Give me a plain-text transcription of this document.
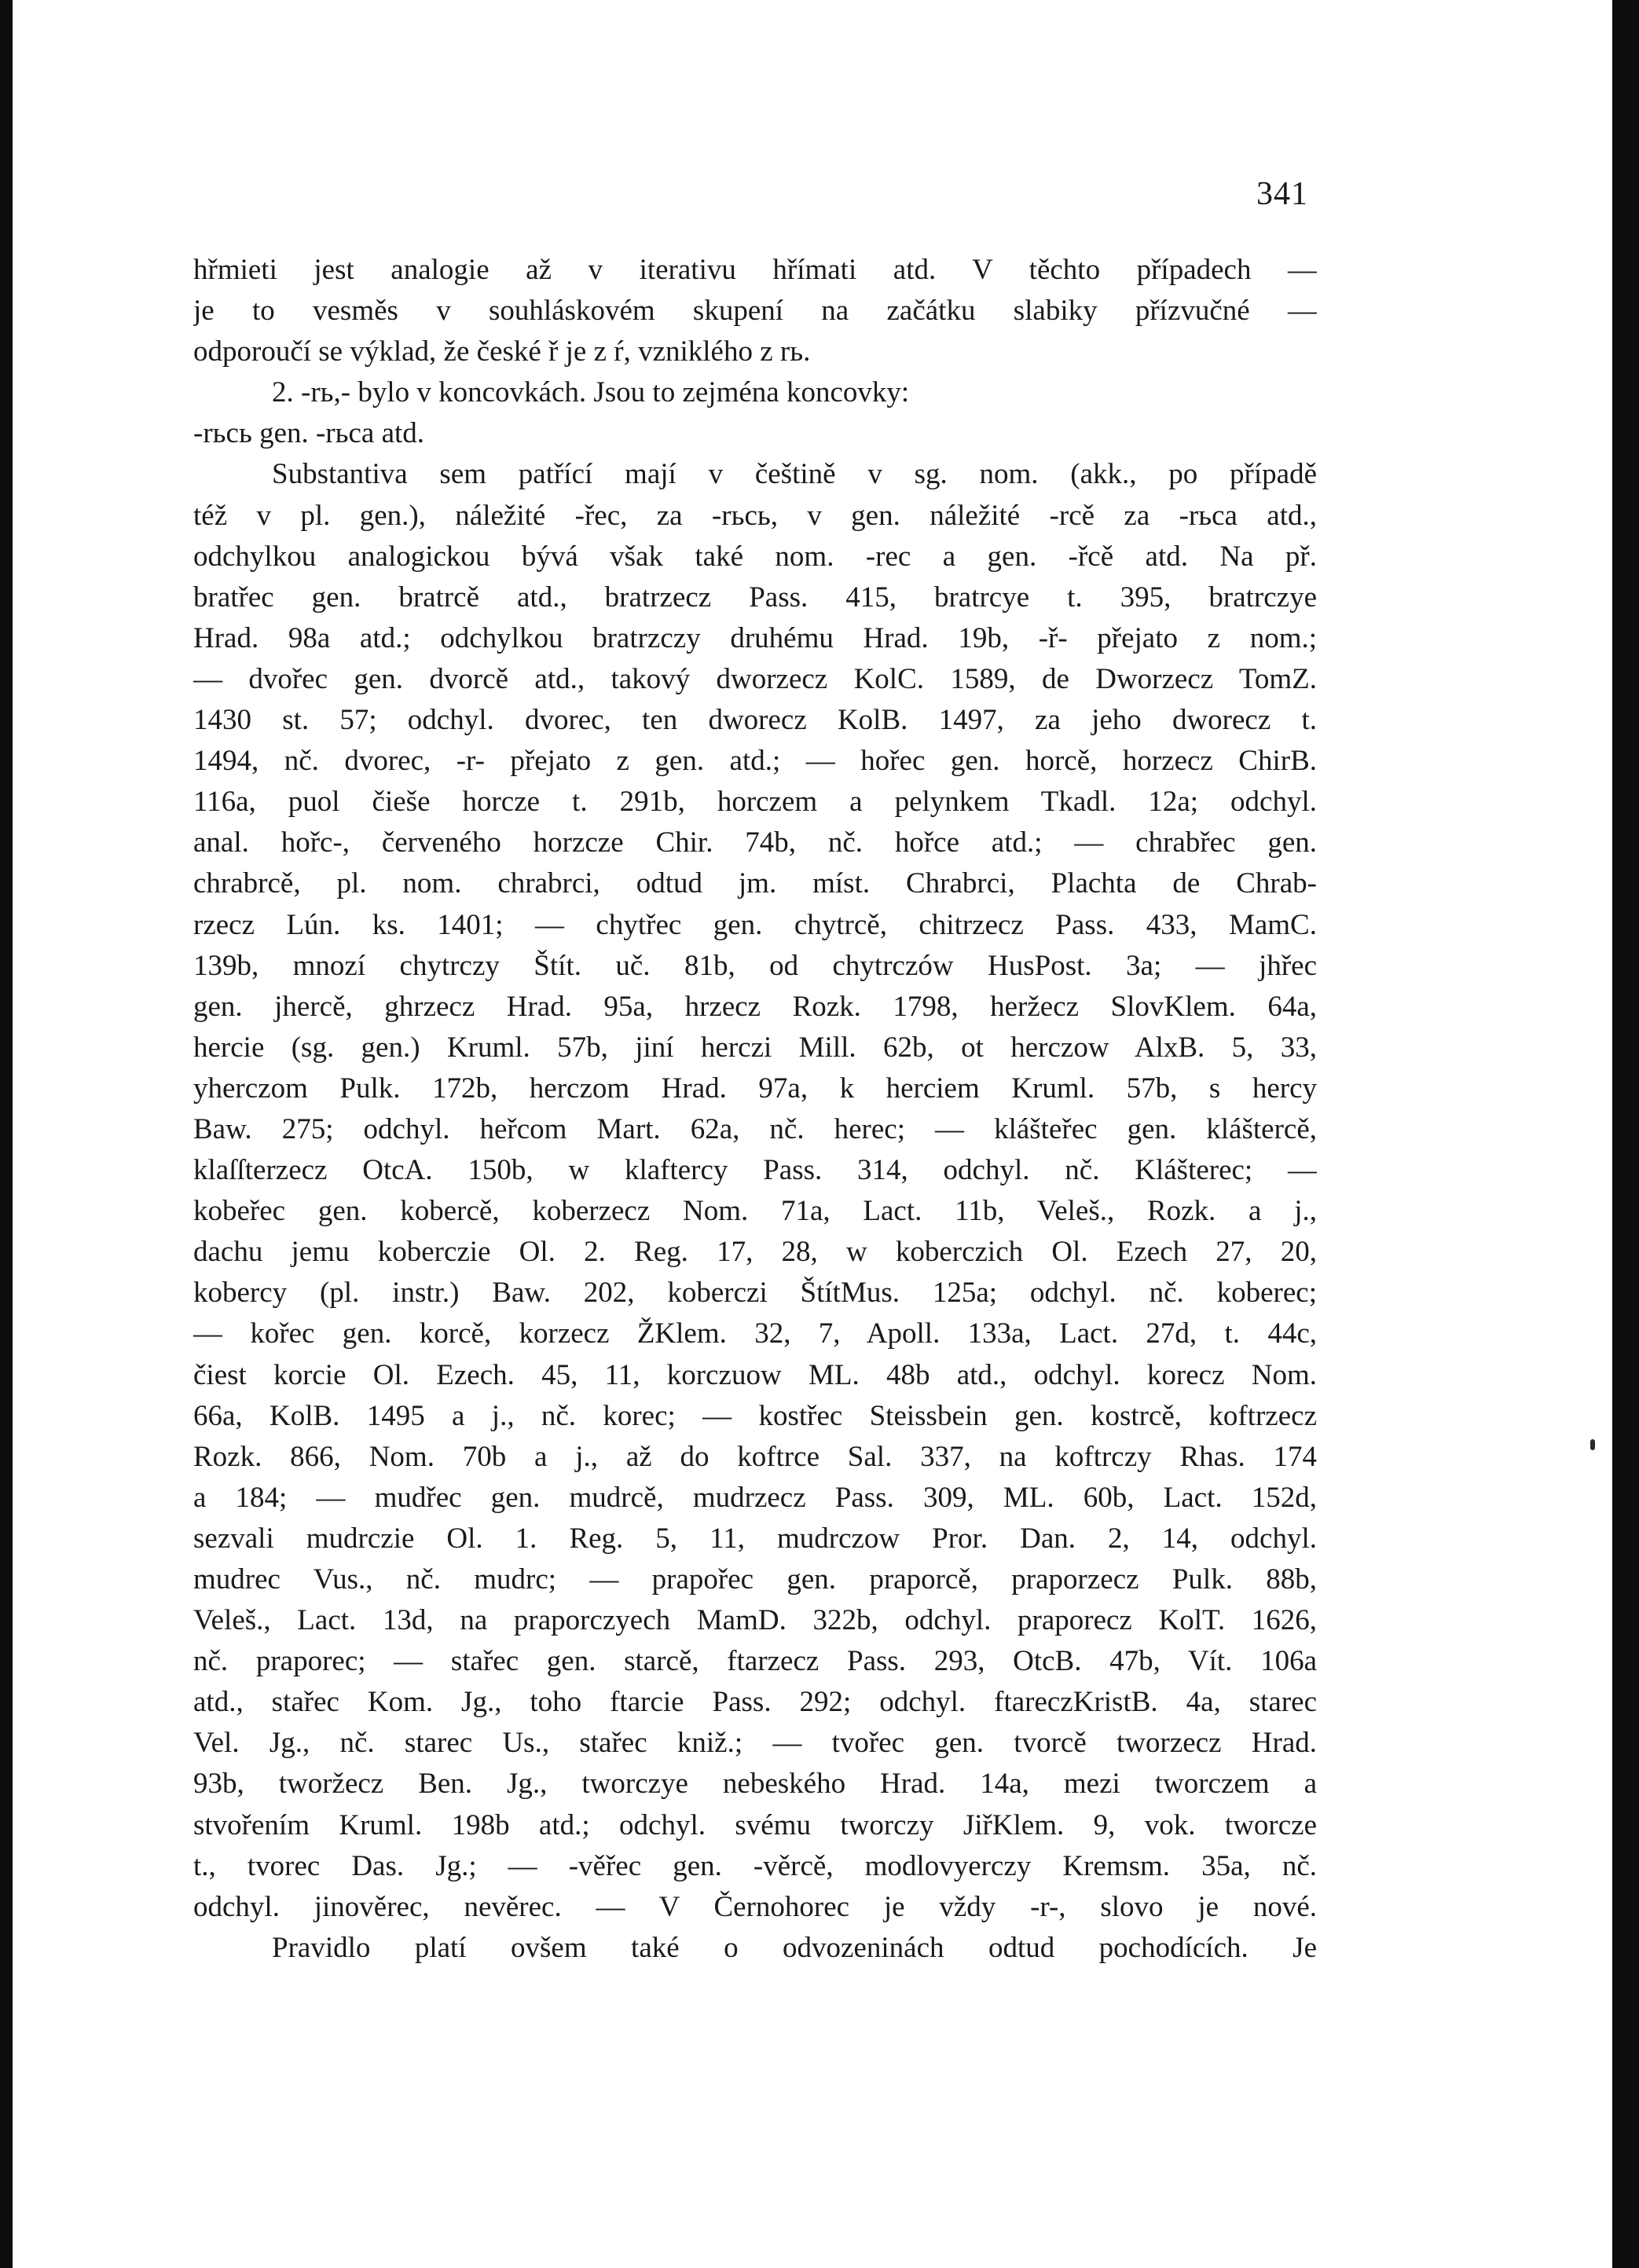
341
hřmieti jest analogie až v iterativu hřímati atd. V těchto případech —
je to vesměs v souhláskovém skupení na začátku slabiky přízvučné —
odporoučí se výklad, že české ř je z ŕ, vzniklého z rь.
2. -rь,- bylo v koncovkách. Jsou to zejména koncovky:
-rьcь gen. -rьca atd.
Substantiva sem patřící mají v češtině v sg. nom. (akk., po případě
též v pl. gen.), náležité -řec, za -rьcь, v gen. náležité -rcě za -rьca atd.,
odchylkou analogickou bývá však také nom. -rec a gen. -řcě atd. Na př.
bratřec gen. bratrcě atd., bratrzecz Pass. 415, bratrcye t. 395, bratrczye
Hrad. 98a atd.; odchylkou bratrzczy druhému Hrad. 19b, -ř- přejato z nom.;
— dvořec gen. dvorcě atd., takový dworzecz KolC. 1589, de Dworzecz TomZ.
1430 st. 57; odchyl. dvorec, ten dworecz KolB. 1497, za jeho dworecz t.
1494, nč. dvorec, -r- přejato z gen. atd.; — hořec gen. horcě, horzecz ChirB.
116a, puol čieše horcze t. 291b, horczem a pelynkem Tkadl. 12a; odchyl.
anal. hořc-, červeného horzcze Chir. 74b, nč. hořce atd.; — chrabřec gen.
chrabrcě, pl. nom. chrabrci, odtud jm. míst. Chrabrci, Plachta de Chrab-
rzecz Lún. ks. 1401; — chytřec gen. chytrcě, chitrzecz Pass. 433, MamC.
139b, mnozí chytrczy Štít. uč. 81b, od chytrczów HusPost. 3a; — jhřec
gen. jhercě, ghrzecz Hrad. 95a, hrzecz Rozk. 1798, heržecz SlovKlem. 64a,
hercie (sg. gen.) Kruml. 57b, jiní herczi Mill. 62b, ot herczow AlxB. 5, 33,
yherczom Pulk. 172b, herczom Hrad. 97a, k herciem Kruml. 57b, s hercy
Baw. 275; odchyl. heřcom Mart. 62a, nč. herec; — kláštеřec gen. klášterсě,
klaſſterzecz OtcA. 150b, w klaftercy Pass. 314, odchyl. nč. Klášterec; —
kobеřec gen. kobercě, koberzecz Nom. 71a, Lact. 11b, Veleš., Rozk. a j.,
dachu jemu koberczie Ol. 2. Reg. 17, 28, w koberczich Ol. Ezech 27, 20,
kobercy (pl. instr.) Baw. 202, koberczi ŠtítMus. 125a; odchyl. nč. koberec;
— kořec gen. korcě, korzecz ŽKlem. 32, 7, Apoll. 133a, Lact. 27d, t. 44c,
čiest korcie Ol. Ezech. 45, 11, korczuow ML. 48b atd., odchyl. korecz Nom.
66a, KolB. 1495 a j., nč. korec; — kostřec Steissbein gen. kostrcě, koftrzecz
Rozk. 866, Nom. 70b a j., až do koftrce Sal. 337, na koftrczy Rhas. 174
a 184; — mudřec gen. mudrcě, mudrzecz Pass. 309, ML. 60b, Lact. 152d,
sezvali mudrczie Ol. 1. Reg. 5, 11, mudrczow Pror. Dan. 2, 14, odchyl.
mudrec Vus., nč. mudrc; — prapořec gen. praporcě, praporzecz Pulk. 88b,
Veleš., Lact. 13d, na praporczyech MamD. 322b, odchyl. praporecz KolT. 1626,
nč. praporec; — stařec gen. starcě, ftarzecz Pass. 293, OtcB. 47b, Vít. 106a
atd., stařec Kom. Jg., toho ftarcie Pass. 292; odchyl. ftareczKristB. 4a, starec
Vel. Jg., nč. starec Us., stařec kniž.; — tvořec gen. tvorcě tworzecz Hrad.
93b, tworžecz Ben. Jg., tworczye nebeského Hrad. 14a, mezi tworczem a
stvořením Kruml. 198b atd.; odchyl. svému tworczy JiřKlem. 9, vok. tworcze
t., tvorec Das. Jg.; — -věřec gen. -věrcě, modlovyerczy Kremsm. 35a, nč.
odchyl. jinověrec, nevěrec. — V Černohorec je vždy -r-, slovo je nové.
Pravidlo platí ovšem také o odvozeninách odtud pochodících. Je
